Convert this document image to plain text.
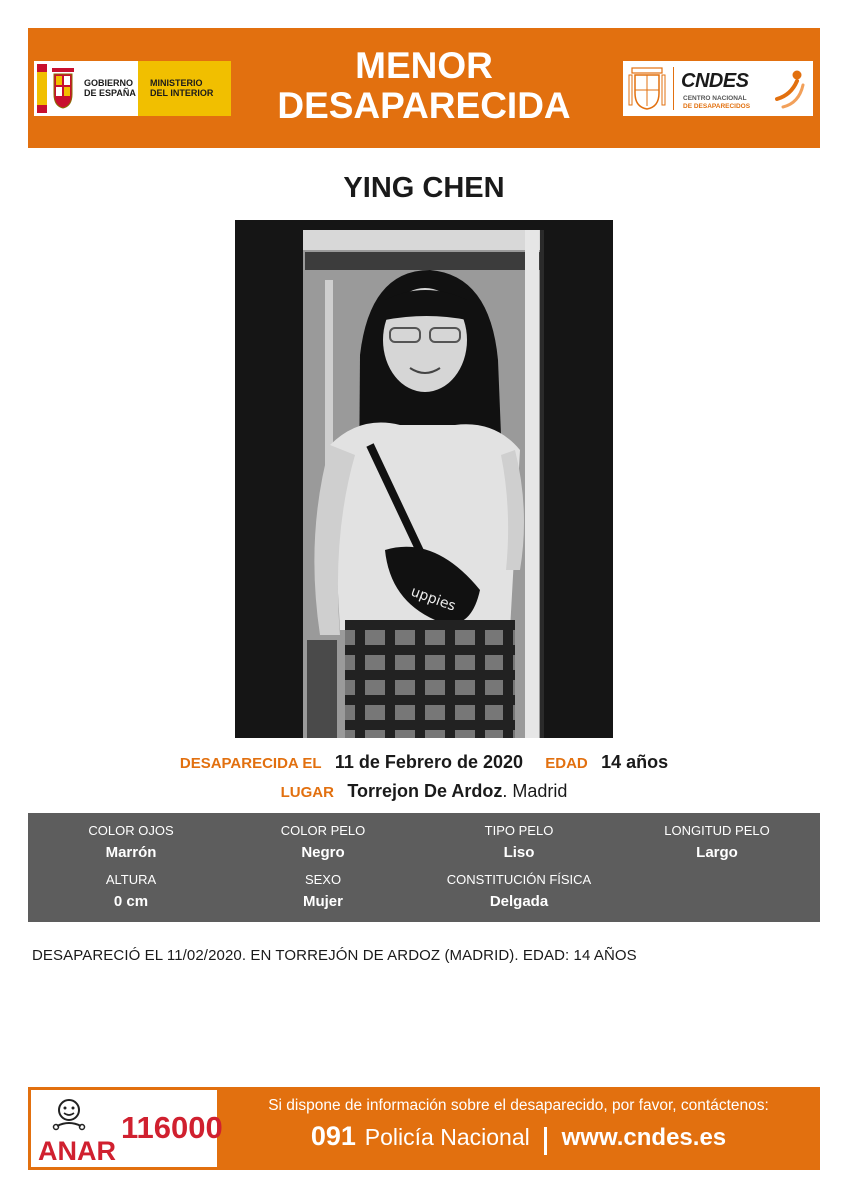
GOBIERNO
DE ESPAÑA
MINISTERIO
DEL INTERIOR
MENOR
DESAPARECIDA
CNDES
CENTRO NACIONAL
DE DESAPARECIDOS
YING CHEN
uppies
DESAPARECIDA EL 11 de Febrero de 2020 EDAD 14 años
LUGAR Torrejon De Ardoz. Madrid
COLOR OJOS
Marrón
COLOR PELO
Negro
TIPO PELO
Liso
LONGITUD PELO
Largo
ALTURA
0 cm
SEXO
Mujer
CONSTITUCIÓN FÍSICA
Delgada
DESAPARECIÓ EL 11/02/2020. EN TORREJÓN DE ARDOZ (MADRID). EDAD: 14 AÑOS
ANAR
116000
Si dispone de información sobre el desaparecido, por favor, contáctenos:
091 Policía Nacional www.cndes.es
